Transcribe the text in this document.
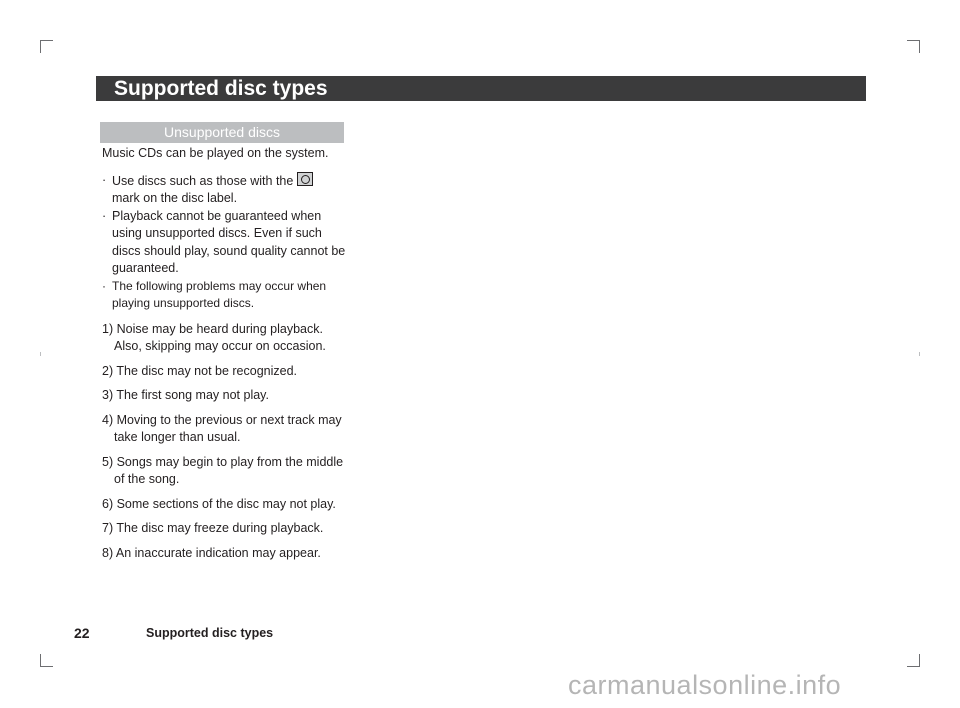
Supported disc types
Unsupported discs

Music CDs can be played on the system.

· Use discs such as those with the
mark on the disc label.
· Playback cannot be guaranteed when using unsupported discs. Even if such discs should play, sound quality cannot be guaranteed.
· The following problems may occur when playing unsupported discs.

1) Noise may be heard during playback. Also, skipping may occur on occasion.

2) The disc may not be recognized.

3) The first song may not play.

4) Moving to the previous or next track may take longer than usual.

5) Songs may begin to play from the middle of the song.

6) Some sections of the disc may not play.

7) The disc may freeze during playback.

8) An inaccurate indication may appear.

22	Supported disc types
carmanualsonline.info
